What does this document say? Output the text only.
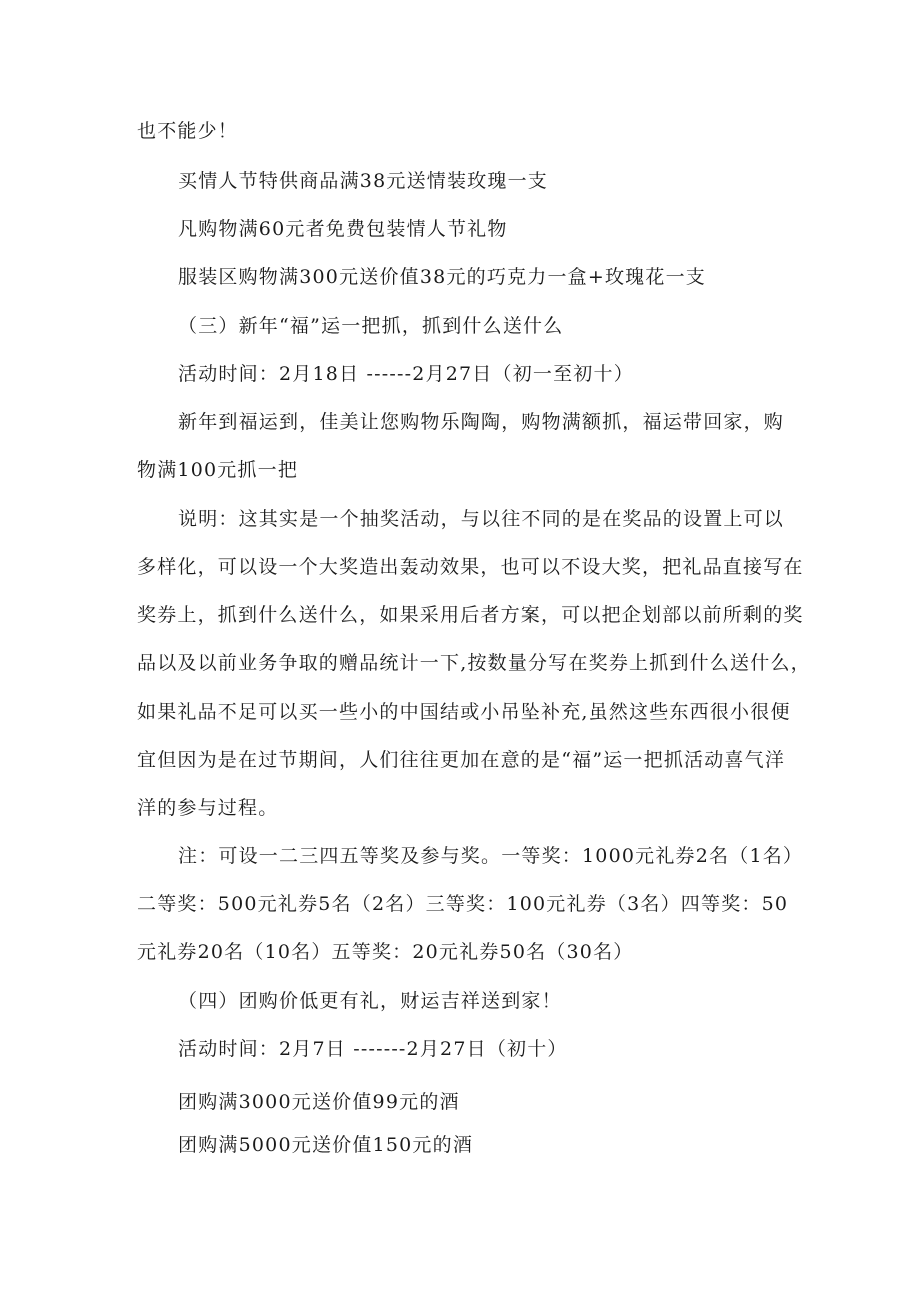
也不能少！
买情人节特供商品满38元送情装玫瑰一支
凡购物满60元者免费包装情人节礼物
服装区购物满300元送价值38元的巧克力一盒+玫瑰花一支
（三）新年“福”运一把抓，抓到什么送什么
活动时间：2月18日 ------2月27日（初一至初十）
新年到福运到，佳美让您购物乐陶陶，购物满额抓，福运带回家，购
物满100元抓一把
说明：这其实是一个抽奖活动，与以往不同的是在奖品的设置上可以
多样化，可以设一个大奖造出轰动效果，也可以不设大奖，把礼品直接写在
奖券上，抓到什么送什么，如果采用后者方案，可以把企划部以前所剩的奖
品以及以前业务争取的赠品统计一下,按数量分写在奖券上抓到什么送什么，
如果礼品不足可以买一些小的中国结或小吊坠补充,虽然这些东西很小很便
宜但因为是在过节期间，人们往往更加在意的是“福”运一把抓活动喜气洋
洋的参与过程。
注：可设一二三四五等奖及参与奖。一等奖：1000元礼券2名（1名）
二等奖：500元礼券5名（2名）三等奖：100元礼券（3名）四等奖：50
元礼券20名（10名）五等奖：20元礼券50名（30名）
（四）团购价低更有礼，财运吉祥送到家！
活动时间：2月7日 -------2月27日（初十）
团购满3000元送价值99元的酒
团购满5000元送价值150元的酒
